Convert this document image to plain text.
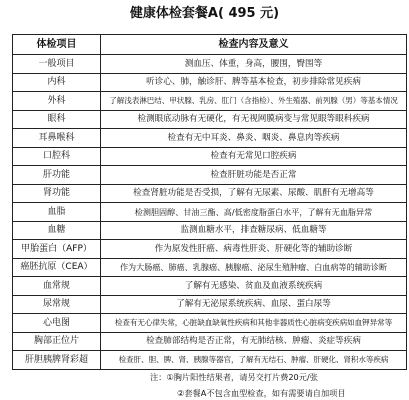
健康体检套餐A( 495 元)
体检项目	检查内容及意义
一般项目	测血压、体重，身高，腰围，臀围等
内科	听诊心、肺，触诊肝、脾等基本检查，初步排除常见疾病
外科	了解浅表淋巴结、甲状腺、乳房、肛门（含指检）、外生殖器、前列腺（男）等基本情况
眼科	检测眼底动脉有无硬化，有无视网膜病变与常见眼等眼科疾病
耳鼻喉科	检查有无中耳炎、鼻炎、咽炎、鼻息肉等疾病
口腔科	检查有无常见口腔疾病
肝功能	检查肝脏功能是否正常
肾功能	检查肾脏功能是否受损，了解有无尿素、尿酸、肌酐有无增高等
血脂	检测胆固醇、甘油三酯、高/低密度脂蛋白水平，了解有无血脂异常
血糖	监测血糖水平，排查糖尿病、低血糖等
甲胎蛋白（AFP）	作为原发性肝癌、病毒性肝炎、肝硬化等的辅助诊断
癌胚抗原（CEA）	作为大肠癌、肺癌、乳腺癌、胰腺癌、泌尿生殖肿瘤、白血病等的辅助诊断
血常规	了解有无感染、贫血及血液系统疾病
尿常规	了解有无泌尿系统疾病、血尿、蛋白尿等
心电图	检查有无心律失常，心脏缺血缺氧性疾病和其他非器质性心脏病变疾病如血钾异常等
胸部正位片	检查肺部结构是否正常，有无肺结核、肿瘤、炎症等疾病
肝胆胰脾肾彩超	检查肝、胆、脾、肾、胰腺等器官，了解有无结石、肿瘤、肝硬化、肾积水等疾病
注：①胸片阳性结果者，请另交打片费20元/张
②套餐A不包含血型检查，如有需要请自加项目
